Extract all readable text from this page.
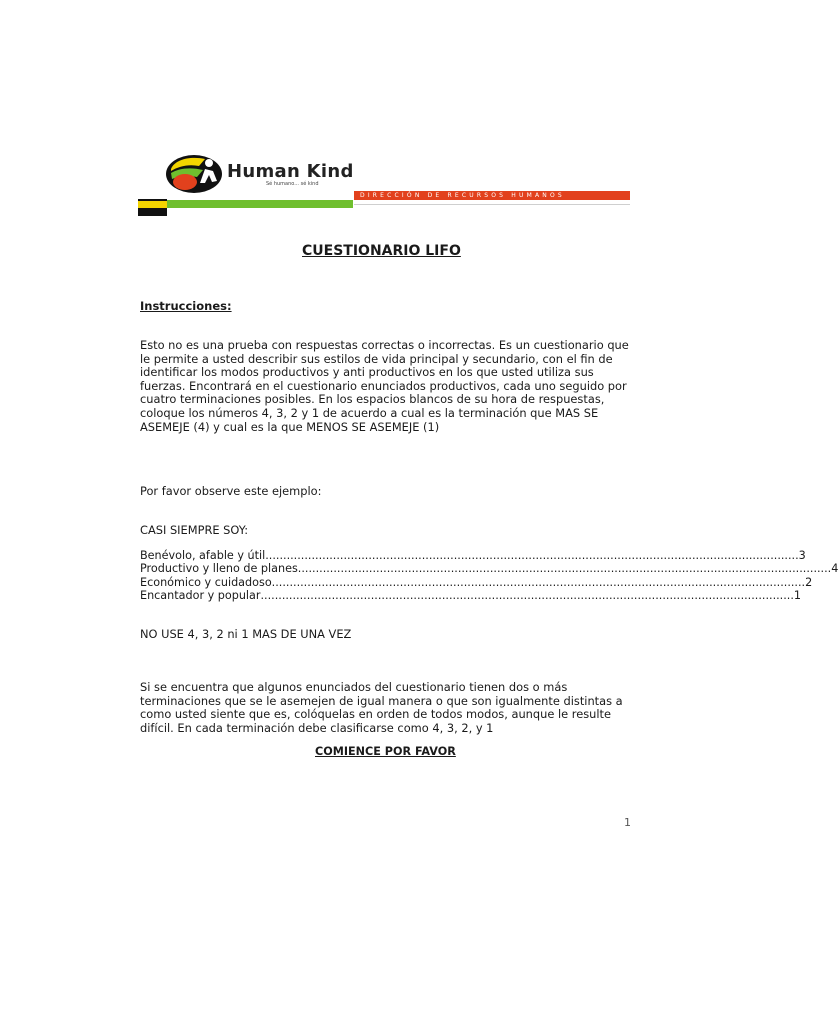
Human Kind
Sé humano... sé kind
DIRECCIÓN DE RECURSOS HUMANOS
CUESTIONARIO LIFO
Instrucciones:
Esto no es una prueba con respuestas correctas o incorrectas. Es un cuestionario que le permite a usted describir sus estilos de vida principal y secundario, con el fin de identificar los modos productivos y anti productivos en los que usted utiliza sus fuerzas. Encontrará en el cuestionario enunciados productivos, cada uno seguido por cuatro terminaciones posibles. En los espacios blancos de su hora de respuestas, coloque los números 4, 3, 2 y 1 de acuerdo a cual es la terminación que MAS SE ASEMEJE (4) y cual es la que MENOS SE ASEMEJE (1)
Por favor observe este ejemplo:
CASI SIEMPRE SOY:
Benévolo, afable y útil ...................................................................................................................................................... 3
Productivo y lleno de planes ...................................................................................................................................................... 4
Económico y cuidadoso ...................................................................................................................................................... 2
Encantador y popular ...................................................................................................................................................... 1
NO USE 4, 3, 2 ni 1 MAS DE UNA VEZ
Si se encuentra que algunos enunciados del cuestionario tienen dos o más terminaciones que se le asemejen de igual manera o que son igualmente distintas a como usted siente que es, colóquelas en orden de todos modos, aunque le resulte difícil. En cada terminación debe clasificarse como 4, 3, 2, y 1
COMIENCE POR FAVOR
1
